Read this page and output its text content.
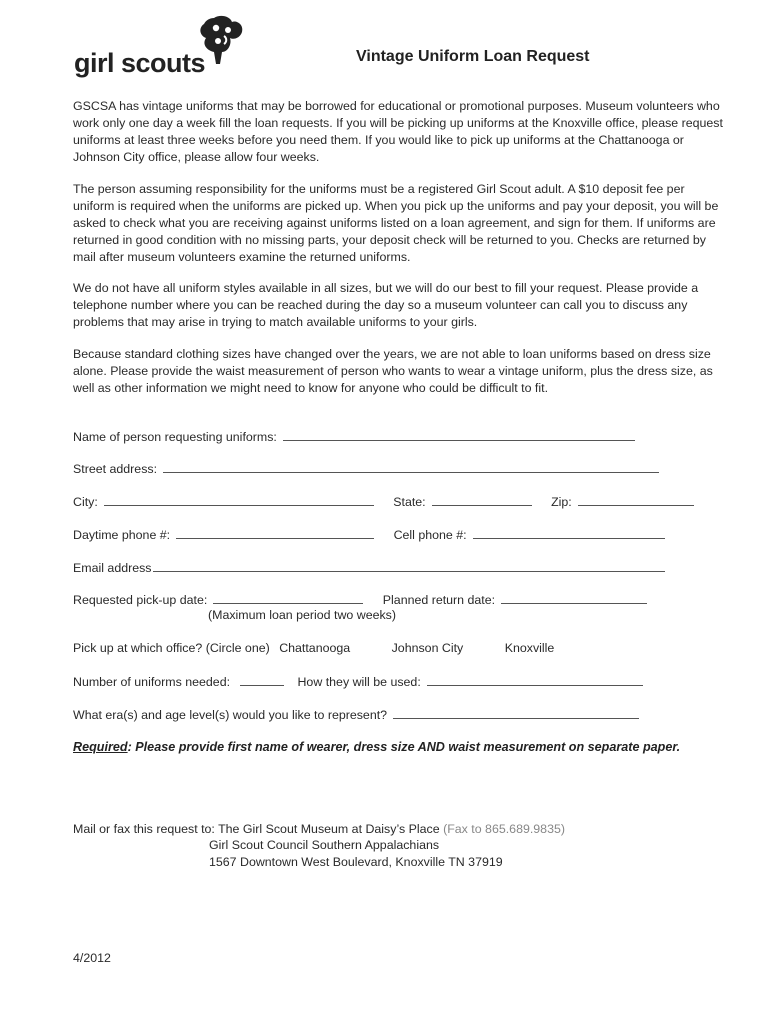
girl scouts	Vintage Uniform Loan Request
GSCSA has vintage uniforms that may be borrowed for educational or promotional purposes. Museum volunteers who work only one day a week fill the loan requests. If you will be picking up uniforms at the Knoxville office, please request uniforms at least three weeks before you need them. If you would like to pick up uniforms at the Chattanooga or Johnson City office, please allow four weeks.
The person assuming responsibility for the uniforms must be a registered Girl Scout adult. A $10 deposit fee per uniform is required when the uniforms are picked up. When you pick up the uniforms and pay your deposit, you will be asked to check what you are receiving against uniforms listed on a loan agreement, and sign for them. If uniforms are returned in good condition with no missing parts, your deposit check will be returned to you. Checks are returned by mail after museum volunteers examine the returned uniforms.
We do not have all uniform styles available in all sizes, but we will do our best to fill your request. Please provide a telephone number where you can be reached during the day so a museum volunteer can call you to discuss any problems that may arise in trying to match available uniforms to your girls.
Because standard clothing sizes have changed over the years, we are not able to loan uniforms based on dress size alone. Please provide the waist measurement of person who wants to wear a vintage uniform, plus the dress size, as well as other information we might need to know for anyone who could be difficult to fit.
Name of person requesting uniforms:
Street address:
City:	State:	Zip:
Daytime phone #:	Cell phone #:
Email address
Requested pick-up date:	Planned return date:
(Maximum loan period two weeks)
Pick up at which office? (Circle one) Chattanooga	Johnson City	Knoxville
Number of uniforms needed:	How they will be used:
What era(s) and age level(s) would you like to represent?
Required: Please provide first name of wearer, dress size AND waist measurement on separate paper.
Mail or fax this request to: The Girl Scout Museum at Daisy’s Place (Fax to 865.689.9835)
Girl Scout Council Southern Appalachians
1567 Downtown West Boulevard, Knoxville TN 37919
4/2012
